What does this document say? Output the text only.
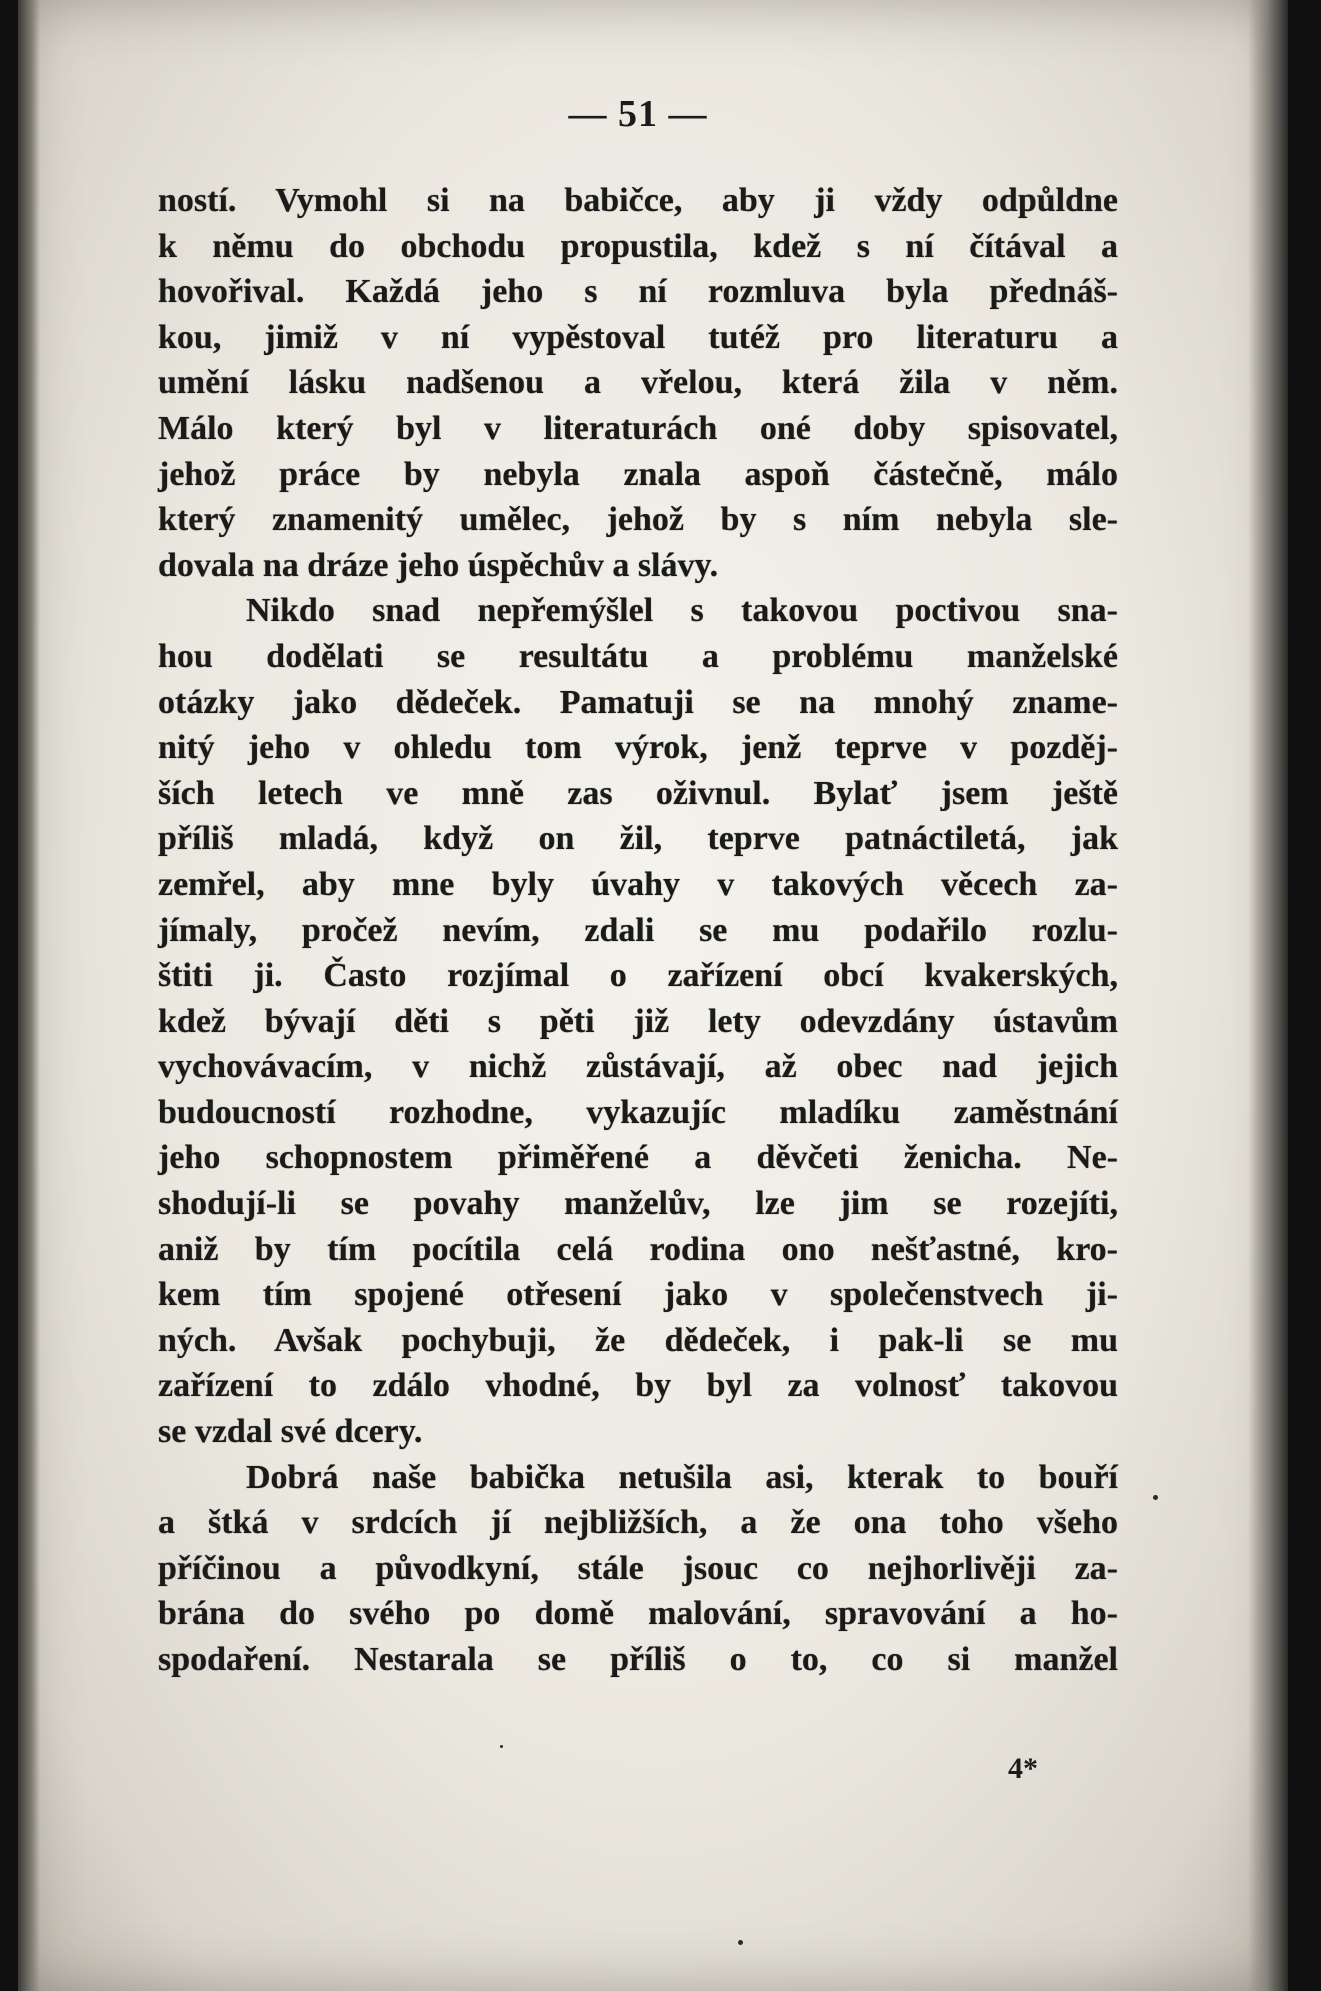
— 51 —
ností. Vymohl si na babičce, aby ji vždy odpůldne
k němu do obchodu propustila, kdež s ní čítával a
hovořival. Každá jeho s ní rozmluva byla přednáš-
kou, jimiž v ní vypěstoval tutéž pro literaturu a
umění lásku nadšenou a vřelou, která žila v něm.
Málo který byl v literaturách oné doby spisovatel,
jehož práce by nebyla znala aspoň částečně, málo
který znamenitý umělec, jehož by s ním nebyla sle-
dovala na dráze jeho úspěchův a slávy.
Nikdo snad nepřemýšlel s takovou poctivou sna-
hou dodělati se resultátu a problému manželské
otázky jako dědeček. Pamatuji se na mnohý zname-
nitý jeho v ohledu tom výrok, jenž teprve v pozděj-
ších letech ve mně zas oživnul. Bylať jsem ještě
příliš mladá, když on žil, teprve patnáctiletá, jak
zemřel, aby mne byly úvahy v takových věcech za-
jímaly, pročež nevím, zdali se mu podařilo rozlu-
štiti ji. Často rozjímal o zařízení obcí kvakerských,
kdež bývají děti s pěti již lety odevzdány ústavům
vychovávacím, v nichž zůstávají, až obec nad jejich
budoucností rozhodne, vykazujíc mladíku zaměstnání
jeho schopnostem přiměřené a děvčeti ženicha. Ne-
shodují-li se povahy manželův, lze jim se rozejíti,
aniž by tím pocítila celá rodina ono nešťastné, kro-
kem tím spojené otřesení jako v společenstvech ji-
ných. Avšak pochybuji, že dědeček, i pak-li se mu
zařízení to zdálo vhodné, by byl za volnosť takovou
se vzdal své dcery.
Dobrá naše babička netušila asi, kterak to bouří
a štká v srdcích jí nejbližších, a že ona toho všeho
příčinou a původkyní, stále jsouc co nejhorlivěji za-
brána do svého po domě malování, spravování a ho-
spodaření. Nestarala se příliš o to, co si manžel
4*
